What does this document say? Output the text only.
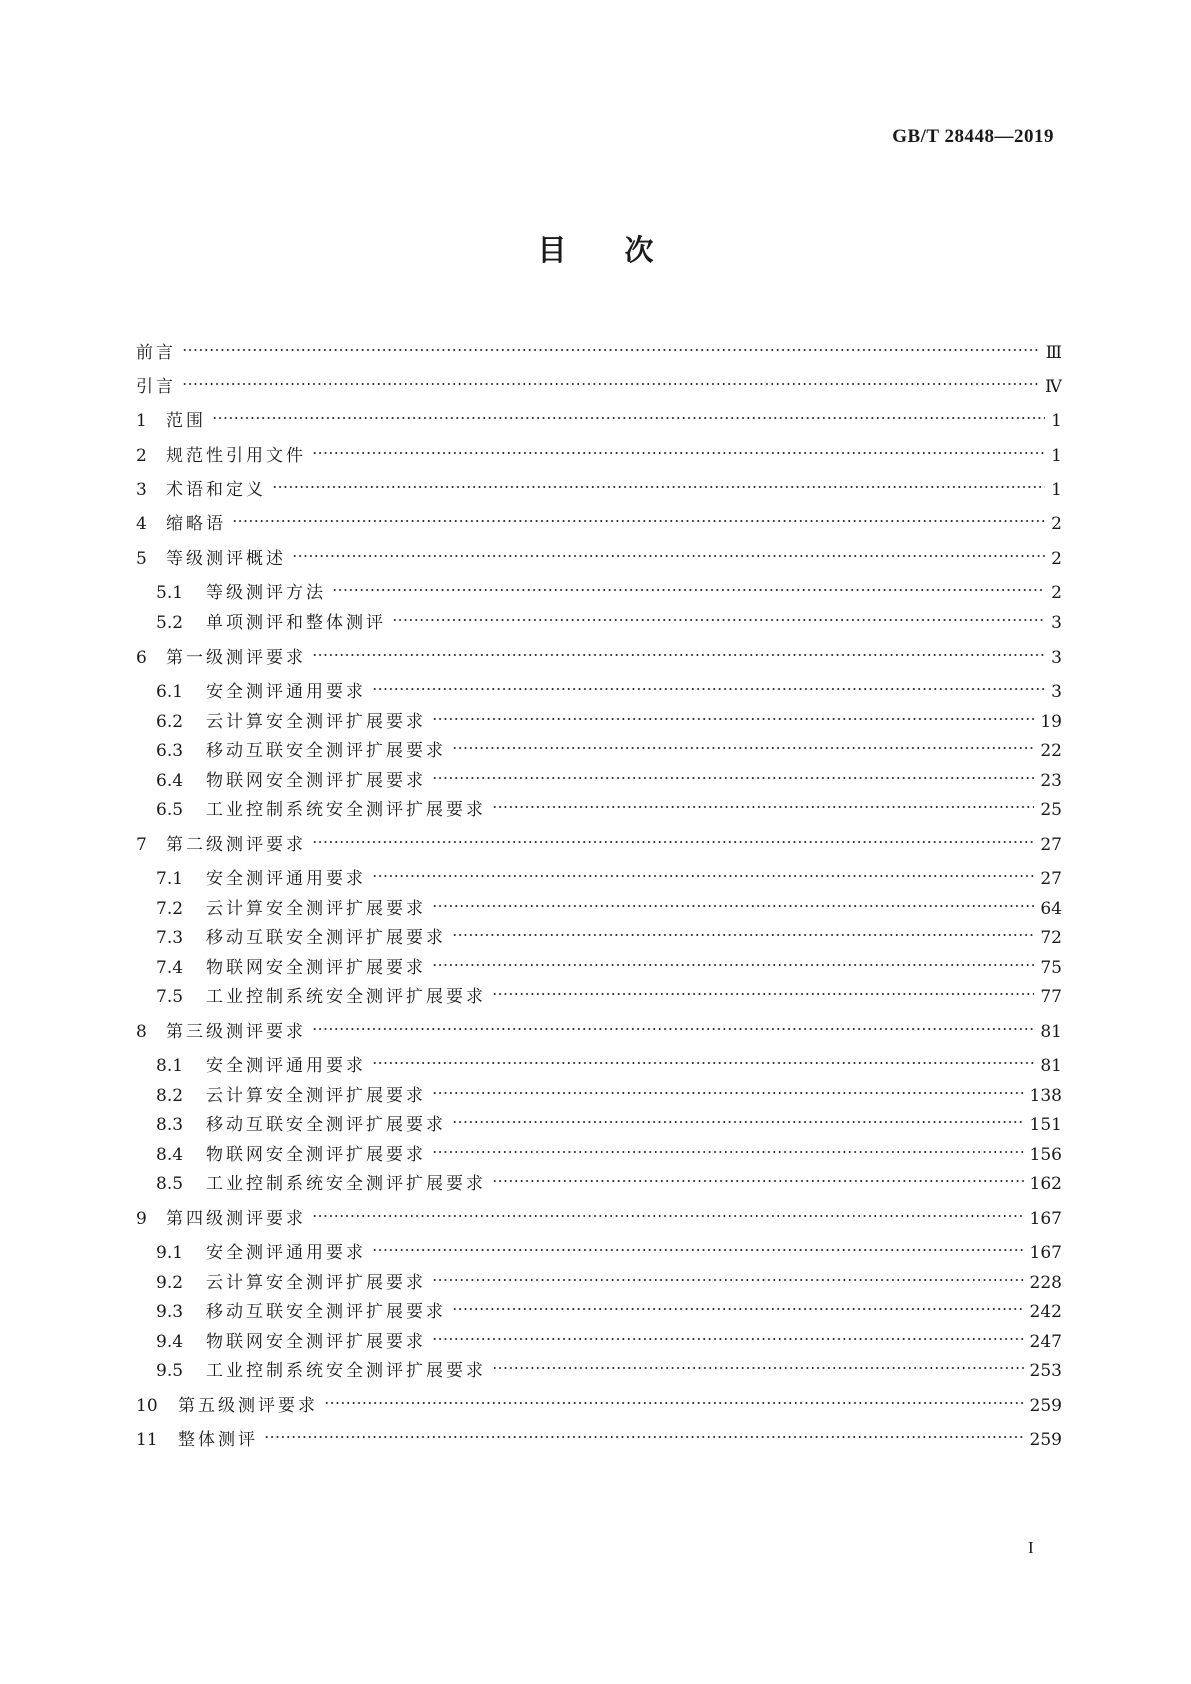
GB/T 28448—2019
目次
前言	Ⅲ
引言	Ⅳ
1	范围	1
2	规范性引用文件	1
3	术语和定义	1
4	缩略语	2
5	等级测评概述	2
5.1	等级测评方法	2
5.2	单项测评和整体测评	3
6	第一级测评要求	3
6.1	安全测评通用要求	3
6.2	云计算安全测评扩展要求	19
6.3	移动互联安全测评扩展要求	22
6.4	物联网安全测评扩展要求	23
6.5	工业控制系统安全测评扩展要求	25
7	第二级测评要求	27
7.1	安全测评通用要求	27
7.2	云计算安全测评扩展要求	64
7.3	移动互联安全测评扩展要求	72
7.4	物联网安全测评扩展要求	75
7.5	工业控制系统安全测评扩展要求	77
8	第三级测评要求	81
8.1	安全测评通用要求	81
8.2	云计算安全测评扩展要求	138
8.3	移动互联安全测评扩展要求	151
8.4	物联网安全测评扩展要求	156
8.5	工业控制系统安全测评扩展要求	162
9	第四级测评要求	167
9.1	安全测评通用要求	167
9.2	云计算安全测评扩展要求	228
9.3	移动互联安全测评扩展要求	242
9.4	物联网安全测评扩展要求	247
9.5	工业控制系统安全测评扩展要求	253
10	第五级测评要求	259
11	整体测评	259
I
